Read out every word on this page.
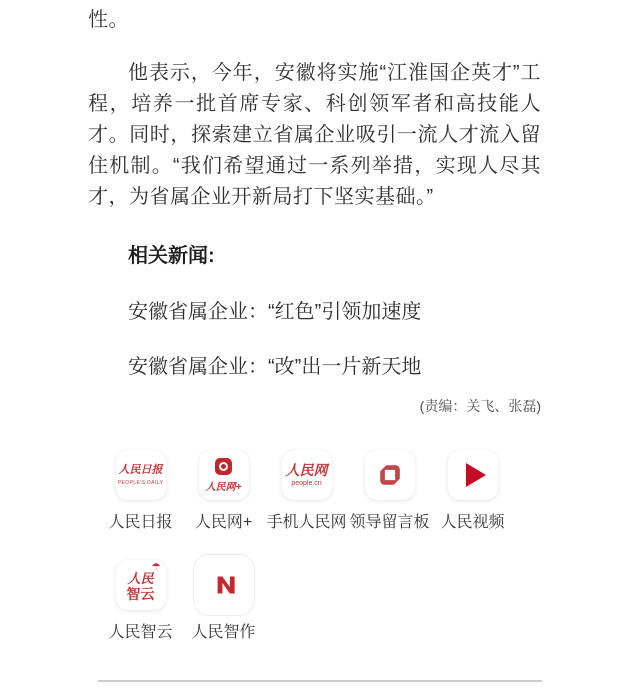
性。

他表示，今年，安徽将实施“江淮国企英才”工程，培养一批首席专家、科创领军者和高技能人才。同时，探索建立省属企业吸引一流人才流入留住机制。“我们希望通过一系列举措，实现人尽其才，为省属企业开新局打下坚实基础。”

相关新闻:

安徽省属企业：“红色”引领加速度

安徽省属企业：“改”出一片新天地

(责编：关飞、张磊)

人民日报
PEOPLE'S DAILY
人民日报
人民网+
人民网+
人民网
people.cn
手机人民网 领导留言板 人民视频
☂
人民
智云
人民智云 人民智作
